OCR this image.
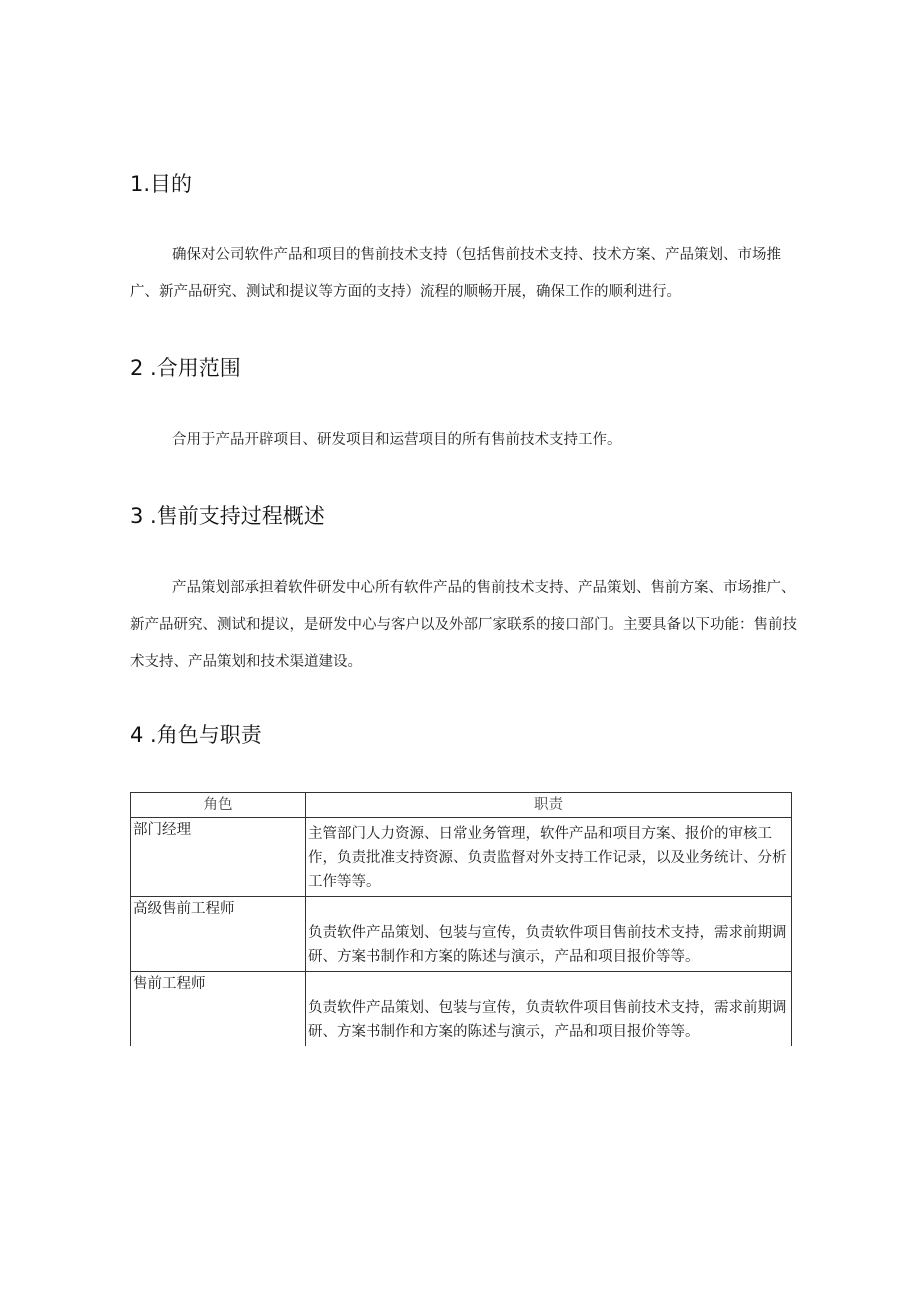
1.目的
确保对公司软件产品和项目的售前技术支持（包括售前技术支持、技术方案、产品策划、市场推广、新产品研究、测试和提议等方面的支持）流程的顺畅开展，确保工作的顺利进行。
2 .合用范围
合用于产品开辟项目、研发项目和运营项目的所有售前技术支持工作。
3 .售前支持过程概述
产品策划部承担着软件研发中心所有软件产品的售前技术支持、产品策划、售前方案、市场推广、新产品研究、测试和提议，是研发中心与客户以及外部厂家联系的接口部门。主要具备以下功能：售前技术支持、产品策划和技术渠道建设。
4 .角色与职责
角色	职责
部门经理	主管部门人力资源、日常业务管理，软件产品和项目方案、报价的审核工作，负责批准支持资源、负责监督对外支持工作记录，以及业务统计、分析工作等等。
高级售前工程师	负责软件产品策划、包装与宣传，负责软件项目售前技术支持，需求前期调研、方案书制作和方案的陈述与演示，产品和项目报价等等。
售前工程师	负责软件产品策划、包装与宣传，负责软件项目售前技术支持，需求前期调研、方案书制作和方案的陈述与演示，产品和项目报价等等。
